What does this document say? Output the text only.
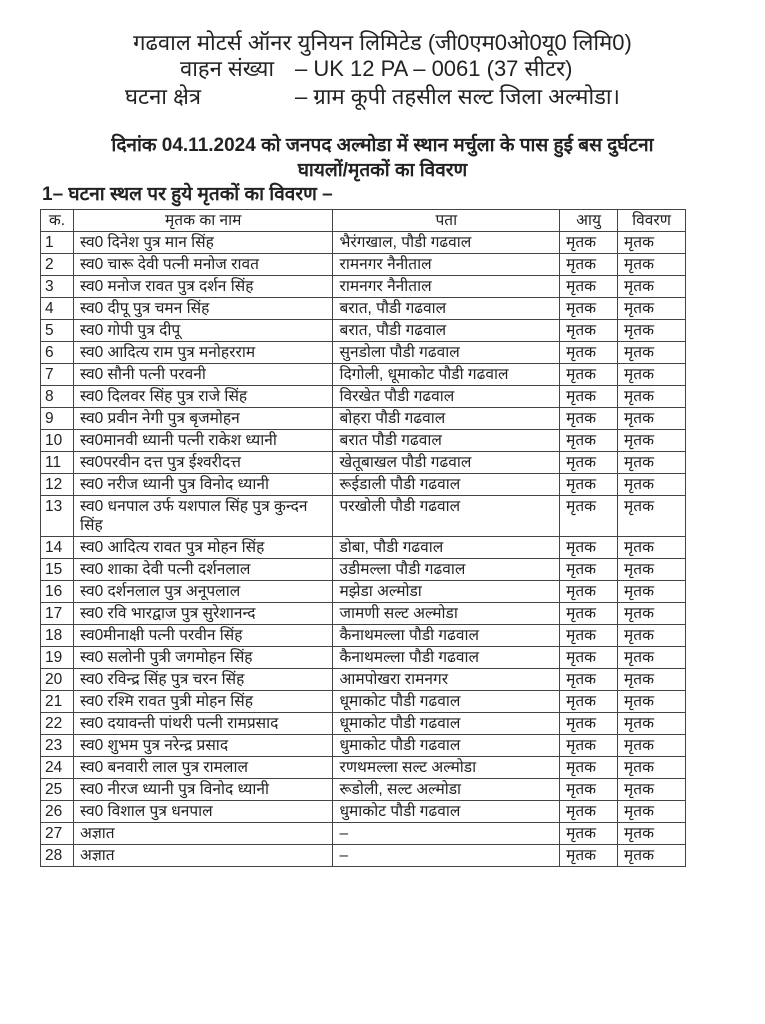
गढवाल मोटर्स ऑनर युनियन लिमिटेड (जी0एम0ओ0यू0 लिमि0)
वाहन संख्या – UK 12 PA – 0061 (37 सीटर)
घटना क्षेत्र	– ग्राम कूपी तहसील सल्ट जिला अल्मोडा।
दिनांक 04.11.2024 को जनपद अल्मोडा में स्थान मर्चुला के पास हुई बस दुर्घटना
घायलों/मृतकों का विवरण
1– घटना स्थल पर हुये मृतकों का विवरण –
क.	मृतक का नाम	पता	आयु	विवरण
1	स्व0 दिनेश पुत्र मान सिंह	भैरंगखाल, पौडी गढवाल	मृतक	मृतक
2	स्व0 चारू देवी पत्नी मनोज रावत	रामनगर नैनीताल	मृतक	मृतक
3	स्व0 मनोज रावत पुत्र दर्शन सिंह	रामनगर नैनीताल	मृतक	मृतक
4	स्व0 दीपू पुत्र चमन सिंह	बरात, पौडी गढवाल	मृतक	मृतक
5	स्व0 गोपी पुत्र दीपू	बरात, पौडी गढवाल	मृतक	मृतक
6	स्व0 आदित्य राम पुत्र मनोहरराम	सुनडोला पौडी गढवाल	मृतक	मृतक
7	स्व0 सौनी पत्नी परवनी	दिगोली, धूमाकोट पौडी गढवाल	मृतक	मृतक
8	स्व0 दिलवर सिंह पुत्र राजे सिंह	विरखेत पौडी गढवाल	मृतक	मृतक
9	स्व0 प्रवीन नेगी पुत्र बृजमोहन	बोहरा पौडी गढवाल	मृतक	मृतक
10	स्व0मानवी ध्यानी पत्नी राकेश ध्यानी	बरात पौडी गढवाल	मृतक	मृतक
11	स्व0परवीन दत्त पुत्र ईश्वरीदत्त	खेतूबाखल पौडी गढवाल	मृतक	मृतक
12	स्व0 नरीज ध्यानी पुत्र विनोद ध्यानी	रूईडाली पौडी गढवाल	मृतक	मृतक
13	स्व0 धनपाल उर्फ यशपाल सिंह पुत्र कुन्दन सिंह	परखोली पौडी गढवाल	मृतक	मृतक
14	स्व0 आदित्य रावत पुत्र मोहन सिंह	डोबा, पौडी गढवाल	मृतक	मृतक
15	स्व0 शाका देवी पत्नी दर्शनलाल	उडीमल्ला पौडी गढवाल	मृतक	मृतक
16	स्व0 दर्शनलाल पुत्र अनूपलाल	मझेडा अल्मोडा	मृतक	मृतक
17	स्व0 रवि भारद्वाज पुत्र सुरेशानन्द	जामणी सल्ट अल्मोडा	मृतक	मृतक
18	स्व0मीनाक्षी पत्नी परवीन सिंह	कैनाथमल्ला पौडी गढवाल	मृतक	मृतक
19	स्व0 सलोनी पुत्री जगमोहन सिंह	कैनाथमल्ला पौडी गढवाल	मृतक	मृतक
20	स्व0 रविन्द्र सिंह पुत्र चरन सिंह	आमपोखरा रामनगर	मृतक	मृतक
21	स्व0 रश्मि रावत पुत्री मोहन सिंह	धूमाकोट पौडी गढवाल	मृतक	मृतक
22	स्व0 दयावन्ती पांथरी पत्नी रामप्रसाद	धूमाकोट पौडी गढवाल	मृतक	मृतक
23	स्व0 शुभम पुत्र नरेन्द्र प्रसाद	धुमाकोट पौडी गढवाल	मृतक	मृतक
24	स्व0 बनवारी लाल पुत्र रामलाल	रणथमल्ला सल्ट अल्मोडा	मृतक	मृतक
25	स्व0 नीरज ध्यानी पुत्र विनोद ध्यानी	रूडोली, सल्ट अल्मोडा	मृतक	मृतक
26	स्व0 विशाल पुत्र धनपाल	धुमाकोट पौडी गढवाल	मृतक	मृतक
27	अज्ञात	–	मृतक	मृतक
28	अज्ञात	–	मृतक	मृतक
